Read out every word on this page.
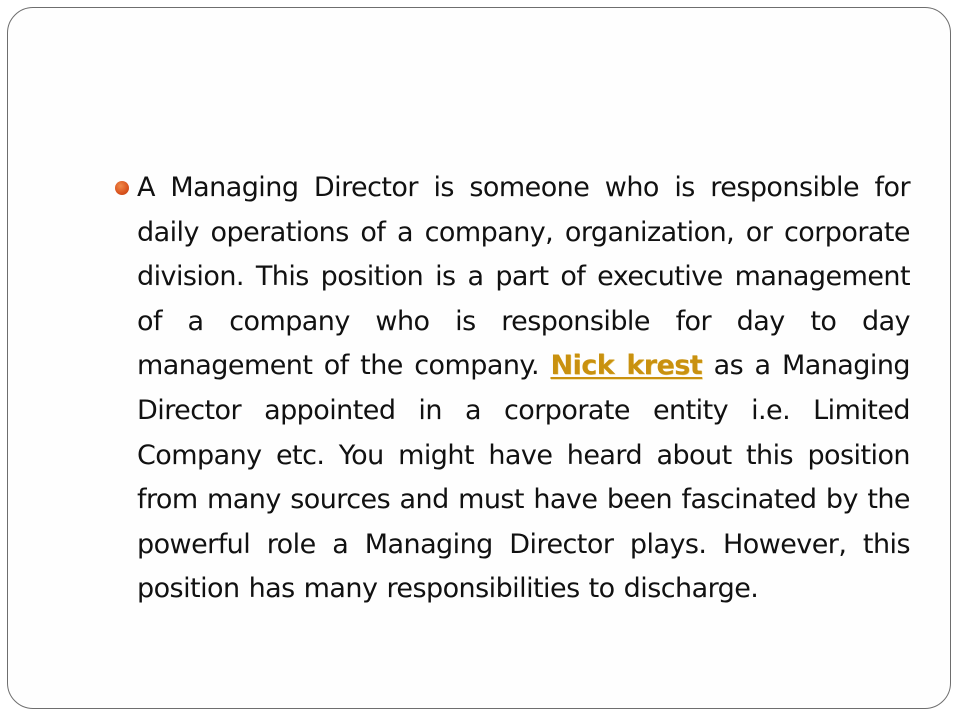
A Managing Director is someone who is responsible for daily operations of a company, organization, or corporate division. This position is a part of executive management of a company who is responsible for day to day management of the company. Nick krest as a Managing Director appointed in a corporate entity i.e. Limited Company etc. You might have heard about this position from many sources and must have been fascinated by the powerful role a Managing Director plays. However, this position has many responsibilities to discharge.
